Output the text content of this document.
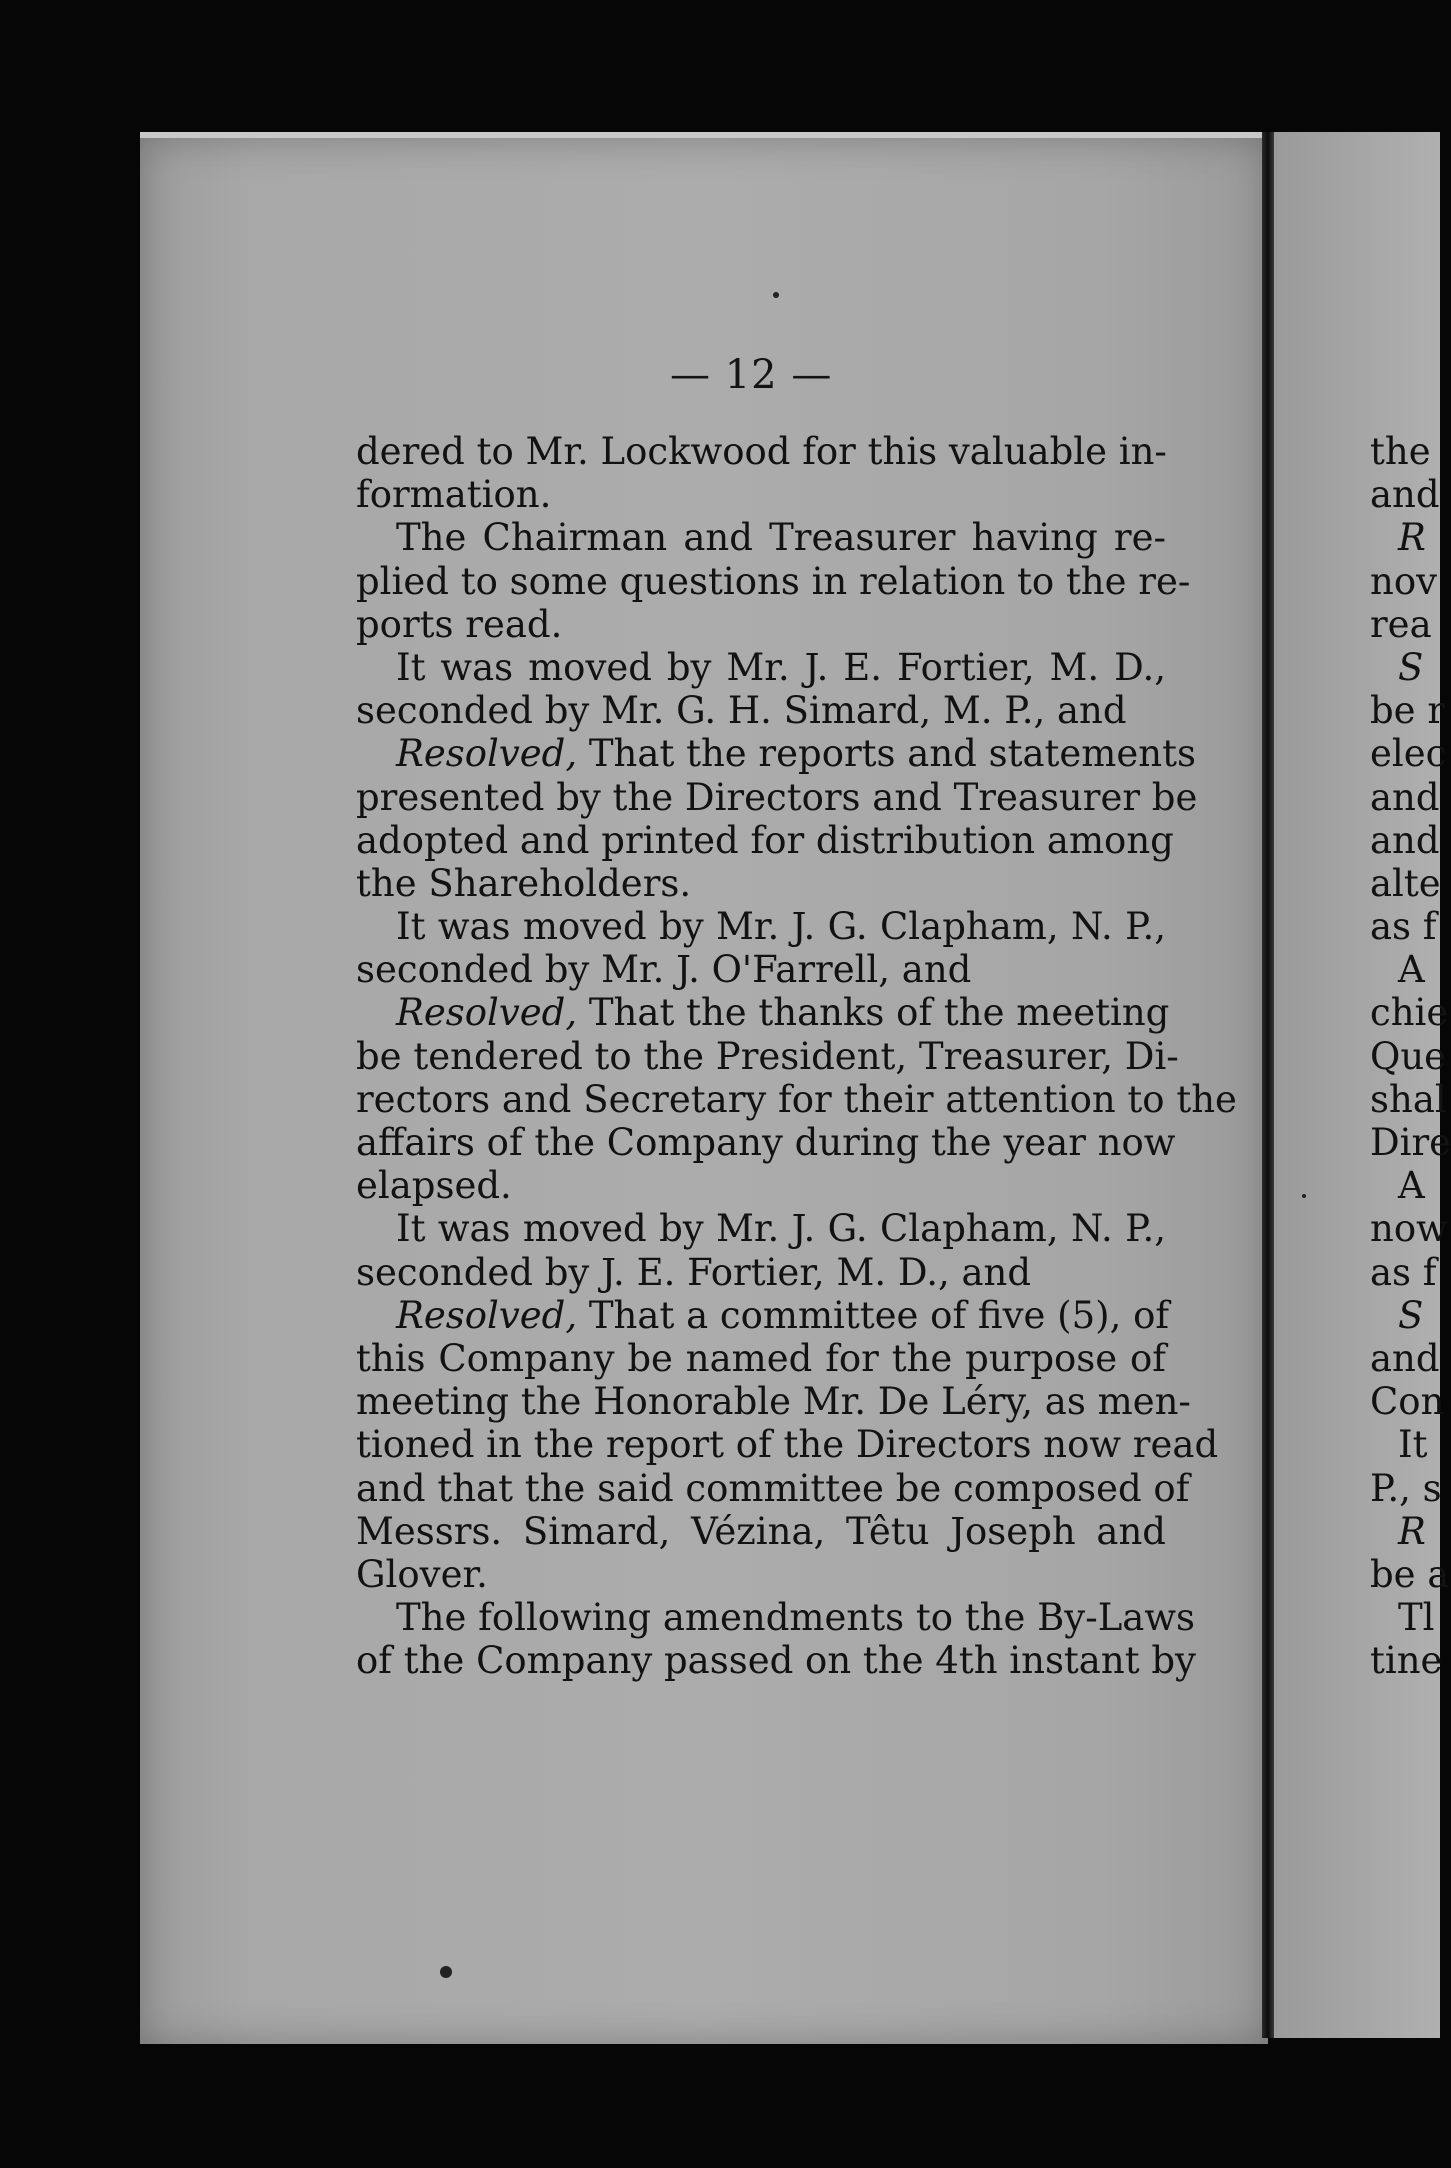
— 12 —
dered to Mr. Lockwood for this valuable in-
formation.
The Chairman and Treasurer having re-
plied to some questions in relation to the re-
ports read.
It was moved by Mr. J. E. Fortier, M. D.,
seconded by Mr. G. H. Simard, M. P., and
Resolved, That the reports and statements
presented by the Directors and Treasurer be
adopted and printed for distribution among
the Shareholders.
It was moved by Mr. J. G. Clapham, N. P.,
seconded by Mr. J. O'Farrell, and
Resolved, That the thanks of the meeting
be tendered to the President, Treasurer, Di-
rectors and Secretary for their attention to the
affairs of the Company during the year now
elapsed.
It was moved by Mr. J. G. Clapham, N. P.,
seconded by J. E. Fortier, M. D., and
Resolved, That a committee of five (5), of
this Company be named for the purpose of
meeting the Honorable Mr. De Léry, as men-
tioned in the report of the Directors now read
and that the said committee be composed of
Messrs. Simard, Vézina, Têtu Joseph and
Glover.
The following amendments to the By-Laws
of the Company passed on the 4th instant by
the
and
R
nov
rea
S
be r
elec
and
and
alte
as f
A
chie
Que
shal
Dire
A
now
as f
S
and
Con
It
P., s
R
be a
Tl
tine
